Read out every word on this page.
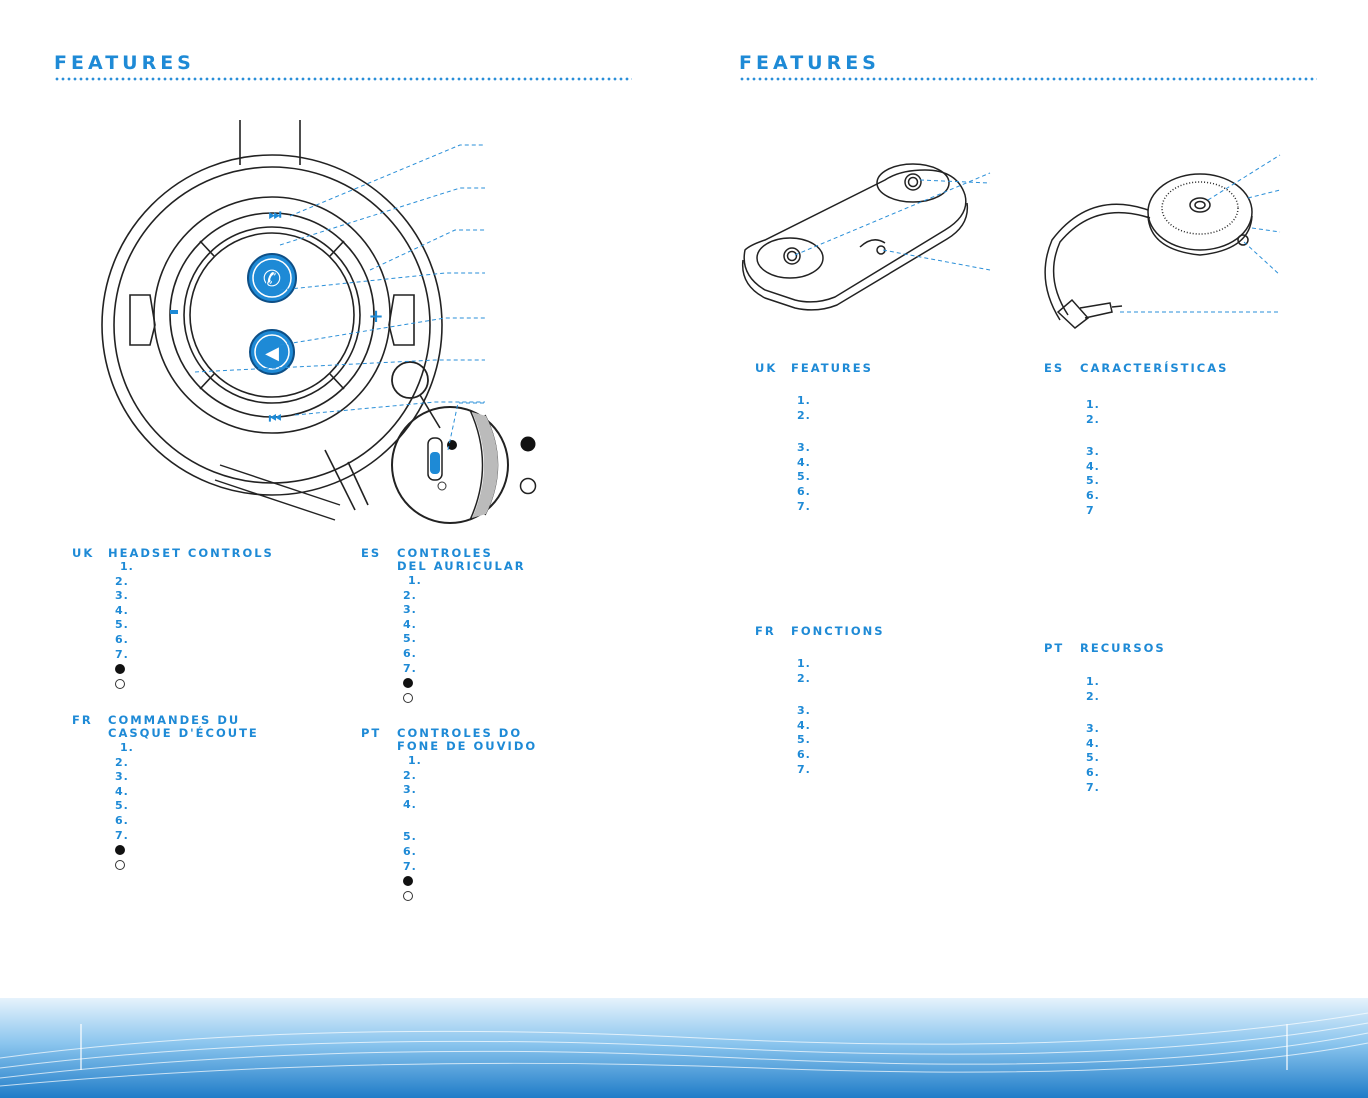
FEATURES	FEATURES
✆
◀
⏭
⏮
+
UK HEADSET CONTROLS
1.
2.
3.
4.
5.
6.
7.
ES CONTROLES
DEL AURICULAR
1.
2.
3.
4.
5.
6.
7.
FR COMMANDES DU
CASQUE D'ÉCOUTE
1.
2.
3.
4.
5.
6.
7.
PT CONTROLES DO
FONE DE OUVIDO
1.
2.
3.
4.
5.
6.
7.
UK FEATURES
1.
2.
3.
4.
5.
6.
7.
ES CARACTERÍSTICAS
1.
2.
3.
4.
5.
6.
7
FR FONCTIONS
1.
2.
3.
4.
5.
6.
7.
PT RECURSOS
1.
2.
3.
4.
5.
6.
7.
